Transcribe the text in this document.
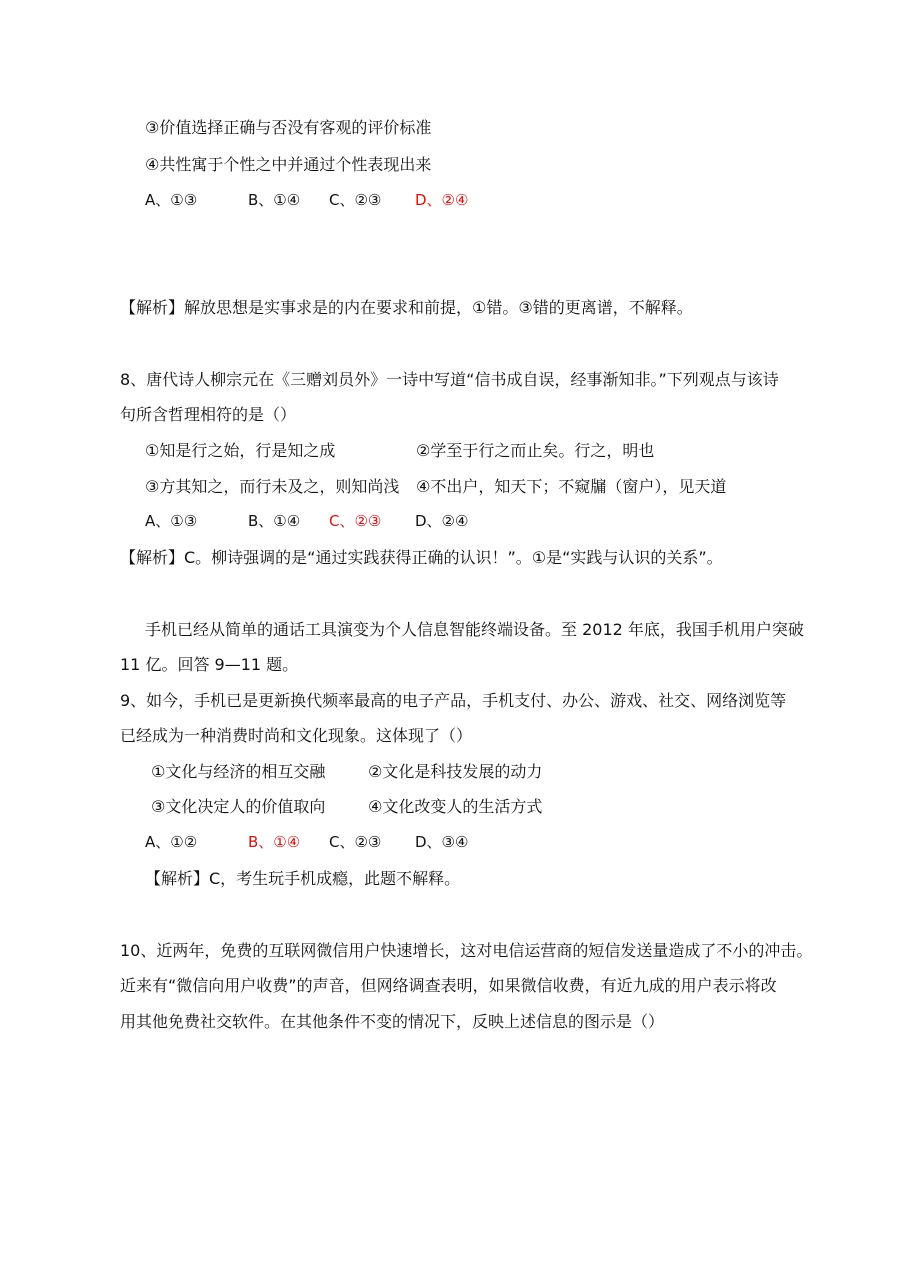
③价值选择正确与否没有客观的评价标准
④共性寓于个性之中并通过个性表现出来
A、①③	B、①④ C、②③ D、②④
【解析】解放思想是实事求是的内在要求和前提，①错。③错的更离谱，不解释。
8、唐代诗人柳宗元在《三赠刘员外》一诗中写道“信书成自误，经事渐知非。”下列观点与该诗
句所含哲理相符的是（）
①知是行之始，行是知之成	②学至于行之而止矣。行之，明也
③方其知之，而行未及之，则知尚浅 ④不出户，知天下；不窥牖（窗户），见天道
A、①③	B、①④ C、②③ D、②④
【解析】C。柳诗强调的是“通过实践获得正确的认识！”。①是“实践与认识的关系”。
手机已经从简单的通话工具演变为个人信息智能终端设备。至 2012 年底，我国手机用户突破
11 亿。回答 9—11 题。
9、如今，手机已是更新换代频率最高的电子产品，手机支付、办公、游戏、社交、网络浏览等
已经成为一种消费时尚和文化现象。这体现了（）
①文化与经济的相互交融	②文化是科技发展的动力
③文化决定人的价值取向	④文化改变人的生活方式
A、①②	B、①④ C、②③ D、③④
【解析】C，考生玩手机成瘾，此题不解释。
10、近两年，免费的互联网微信用户快速增长，这对电信运营商的短信发送量造成了不小的冲击。
近来有“微信向用户收费”的声音，但网络调查表明，如果微信收费，有近九成的用户表示将改
用其他免费社交软件。在其他条件不变的情况下，反映上述信息的图示是（）
